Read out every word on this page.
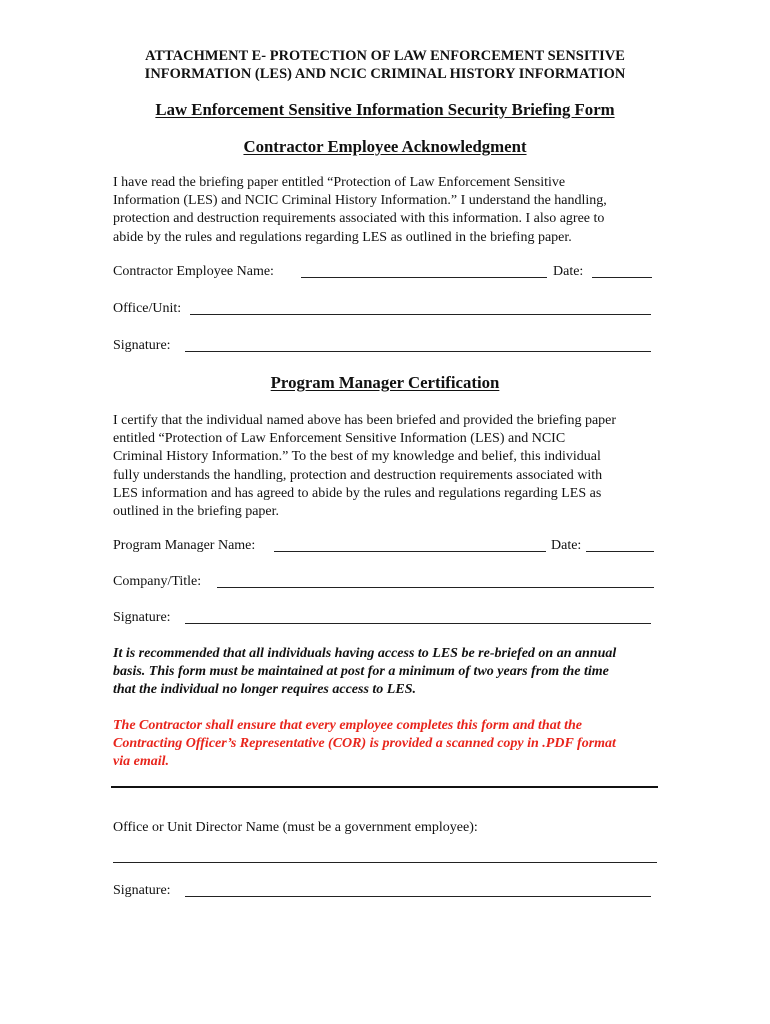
ATTACHMENT E- PROTECTION OF LAW ENFORCEMENT SENSITIVE
INFORMATION (LES) AND NCIC CRIMINAL HISTORY INFORMATION
Law Enforcement Sensitive Information Security Briefing Form
Contractor Employee Acknowledgment
I have read the briefing paper entitled “Protection of Law Enforcement Sensitive
Information (LES) and NCIC Criminal History Information.” I understand the handling,
protection and destruction requirements associated with this information. I also agree to
abide by the rules and regulations regarding LES as outlined in the briefing paper.
Contractor Employee Name:	Date:
Office/Unit:
Signature:
Program Manager Certification
I certify that the individual named above has been briefed and provided the briefing paper
entitled “Protection of Law Enforcement Sensitive Information (LES) and NCIC
Criminal History Information.” To the best of my knowledge and belief, this individual
fully understands the handling, protection and destruction requirements associated with
LES information and has agreed to abide by the rules and regulations regarding LES as
outlined in the briefing paper.
Program Manager Name:	Date:
Company/Title:
Signature:
It is recommended that all individuals having access to LES be re-briefed on an annual
basis. This form must be maintained at post for a minimum of two years from the time
that the individual no longer requires access to LES.
The Contractor shall ensure that every employee completes this form and that the
Contracting Officer’s Representative (COR) is provided a scanned copy in .PDF format
via email.
Office or Unit Director Name (must be a government employee):
Signature:
